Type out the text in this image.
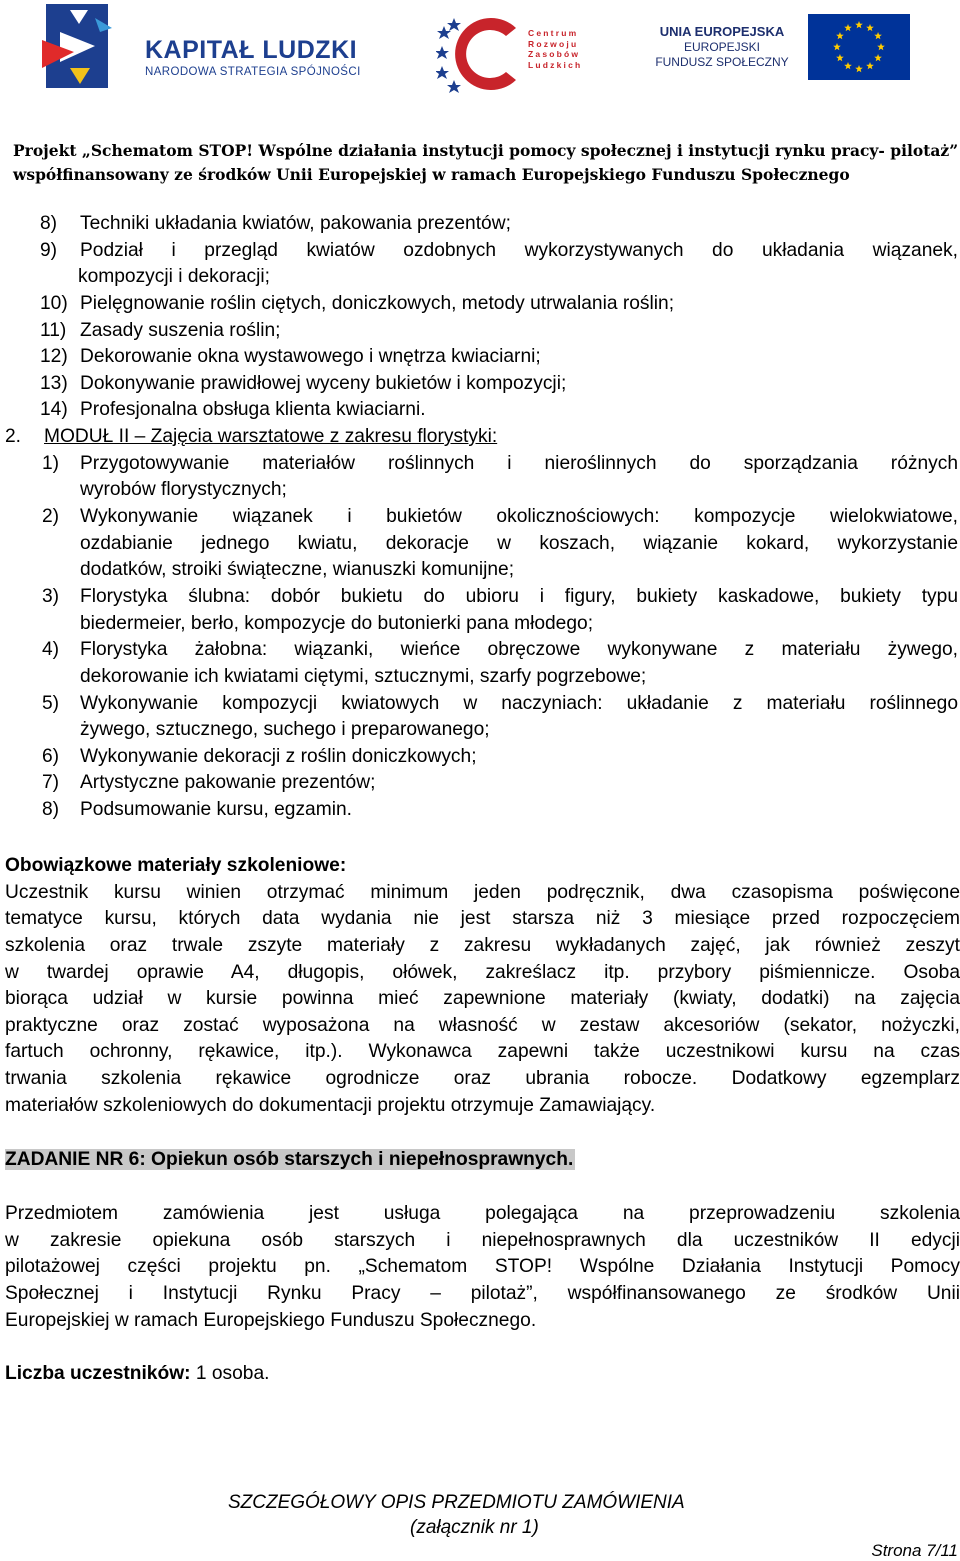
KAPITAŁ LUDZKI
NARODOWA STRATEGIA SPÓJNOŚCI
Centrum
Rozwoju
Zasobów
Ludzkich
UNIA EUROPEJSKA
EUROPEJSKI
FUNDUSZ SPOŁECZNY
Projekt „Schematom STOP! Wspólne działania instytucji pomocy społecznej i instytucji rynku pracy- pilotaż”
współfinansowany ze środków Unii Europejskiej w ramach Europejskiego Funduszu Społecznego
8) Techniki układania kwiatów, pakowania prezentów;
9) Podział i przegląd kwiatów ozdobnych wykorzystywanych do układania wiązanek,
kompozycji i dekoracji;
10) Pielęgnowanie roślin ciętych, doniczkowych, metody utrwalania roślin;
11) Zasady suszenia roślin;
12) Dekorowanie okna wystawowego i wnętrza kwiaciarni;
13) Dokonywanie prawidłowej wyceny bukietów i kompozycji;
14) Profesjonalna obsługa klienta kwiaciarni.
2. MODUŁ II – Zajęcia warsztatowe z zakresu florystyki:
1) Przygotowywanie materiałów roślinnych i nieroślinnych do sporządzania różnych
wyrobów florystycznych;
2) Wykonywanie wiązanek i bukietów okolicznościowych: kompozycje wielokwiatowe,
ozdabianie jednego kwiatu, dekoracje w koszach, wiązanie kokard, wykorzystanie
dodatków, stroiki świąteczne, wianuszki komunijne;
3) Florystyka ślubna: dobór bukietu do ubioru i figury, bukiety kaskadowe, bukiety typu
biedermeier, berło, kompozycje do butonierki pana młodego;
4) Florystyka żałobna: wiązanki, wieńce obręczowe wykonywane z materiału żywego,
dekorowanie ich kwiatami ciętymi, sztucznymi, szarfy pogrzebowe;
5) Wykonywanie kompozycji kwiatowych w naczyniach: układanie z materiału roślinnego
żywego, sztucznego, suchego i preparowanego;
6) Wykonywanie dekoracji z roślin doniczkowych;
7) Artystyczne pakowanie prezentów;
8) Podsumowanie kursu, egzamin.
Obowiązkowe materiały szkoleniowe:
Uczestnik kursu winien otrzymać minimum jeden podręcznik, dwa czasopisma poświęcone
tematyce kursu, których data wydania nie jest starsza niż 3 miesiące przed rozpoczęciem
szkolenia oraz trwale zszyte materiały z zakresu wykładanych zajęć, jak również zeszyt
w twardej oprawie A4, długopis, ołówek, zakreślacz itp. przybory piśmiennicze. Osoba
biorąca udział w kursie powinna mieć zapewnione materiały (kwiaty, dodatki) na zajęcia
praktyczne oraz zostać wyposażona na własność w zestaw akcesoriów (sekator, nożyczki,
fartuch ochronny, rękawice, itp.). Wykonawca zapewni także uczestnikowi kursu na czas
trwania szkolenia rękawice ogrodnicze oraz ubrania robocze. Dodatkowy egzemplarz
materiałów szkoleniowych do dokumentacji projektu otrzymuje Zamawiający.
ZADANIE NR 6: Opiekun osób starszych i niepełnosprawnych.
Przedmiotem zamówienia jest usługa polegająca na przeprowadzeniu szkolenia
w zakresie opiekuna osób starszych i niepełnosprawnych dla uczestników II edycji
pilotażowej części projektu pn. „Schematom STOP! Wspólne Działania Instytucji Pomocy
Społecznej i Instytucji Rynku Pracy – pilotaż”, współfinansowanego ze środków Unii
Europejskiej w ramach Europejskiego Funduszu Społecznego.
Liczba uczestników: 1 osoba.
SZCZEGÓŁOWY OPIS PRZEDMIOTU ZAMÓWIENIA
(załącznik nr 1)
Strona 7/11
